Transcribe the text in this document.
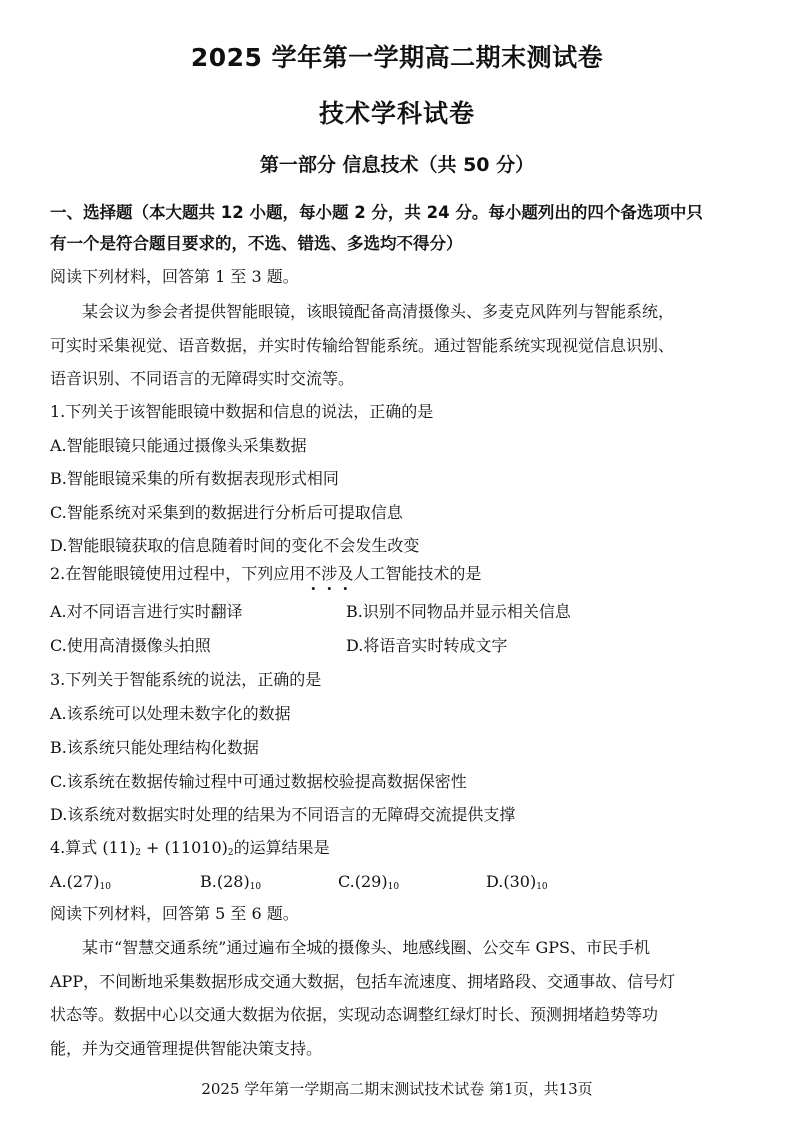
2025 学年第一学期高二期末测试卷
技术学科试卷
第一部分 信息技术（共 50 分）
一、选择题（本大题共 12 小题，每小题 2 分，共 24 分。每小题列出的四个备选项中只
有一个是符合题目要求的，不选、错选、多选均不得分）
阅读下列材料，回答第 1 至 3 题。
某会议为参会者提供智能眼镜，该眼镜配备高清摄像头、多麦克风阵列与智能系统，
可实时采集视觉、语音数据，并实时传输给智能系统。通过智能系统实现视觉信息识别、
语音识别、不同语言的无障碍实时交流等。
1.下列关于该智能眼镜中数据和信息的说法，正确的是
A.智能眼镜只能通过摄像头采集数据
B.智能眼镜采集的所有数据表现形式相同
C.智能系统对采集到的数据进行分析后可提取信息
D.智能眼镜获取的信息随着时间的变化不会发生改变
2.在智能眼镜使用过程中，下列应用不涉及人工智能技术的是
A.对不同语言进行实时翻译	B.识别不同物品并显示相关信息
C.使用高清摄像头拍照	D.将语音实时转成文字
3.下列关于智能系统的说法，正确的是
A.该系统可以处理未数字化的数据
B.该系统只能处理结构化数据
C.该系统在数据传输过程中可通过数据校验提高数据保密性
D.该系统对数据实时处理的结果为不同语言的无障碍交流提供支撑
4.算式 $(11)_2 + (11010)_2$的运算结果是
$A.(27)_{10}$	$B.(28)_{10}$	$C.(29)_{10}$	$D.(30)_{10}$
阅读下列材料，回答第 5 至 6 题。
某市“智慧交通系统”通过遍布全城的摄像头、地感线圈、公交车 GPS、市民手机
APP，不间断地采集数据形成交通大数据，包括车流速度、拥堵路段、交通事故、信号灯
状态等。数据中心以交通大数据为依据，实现动态调整红绿灯时长、预测拥堵趋势等功
能，并为交通管理提供智能决策支持。
2025 学年第一学期高二期末测试技术试卷 第1页，共13页
